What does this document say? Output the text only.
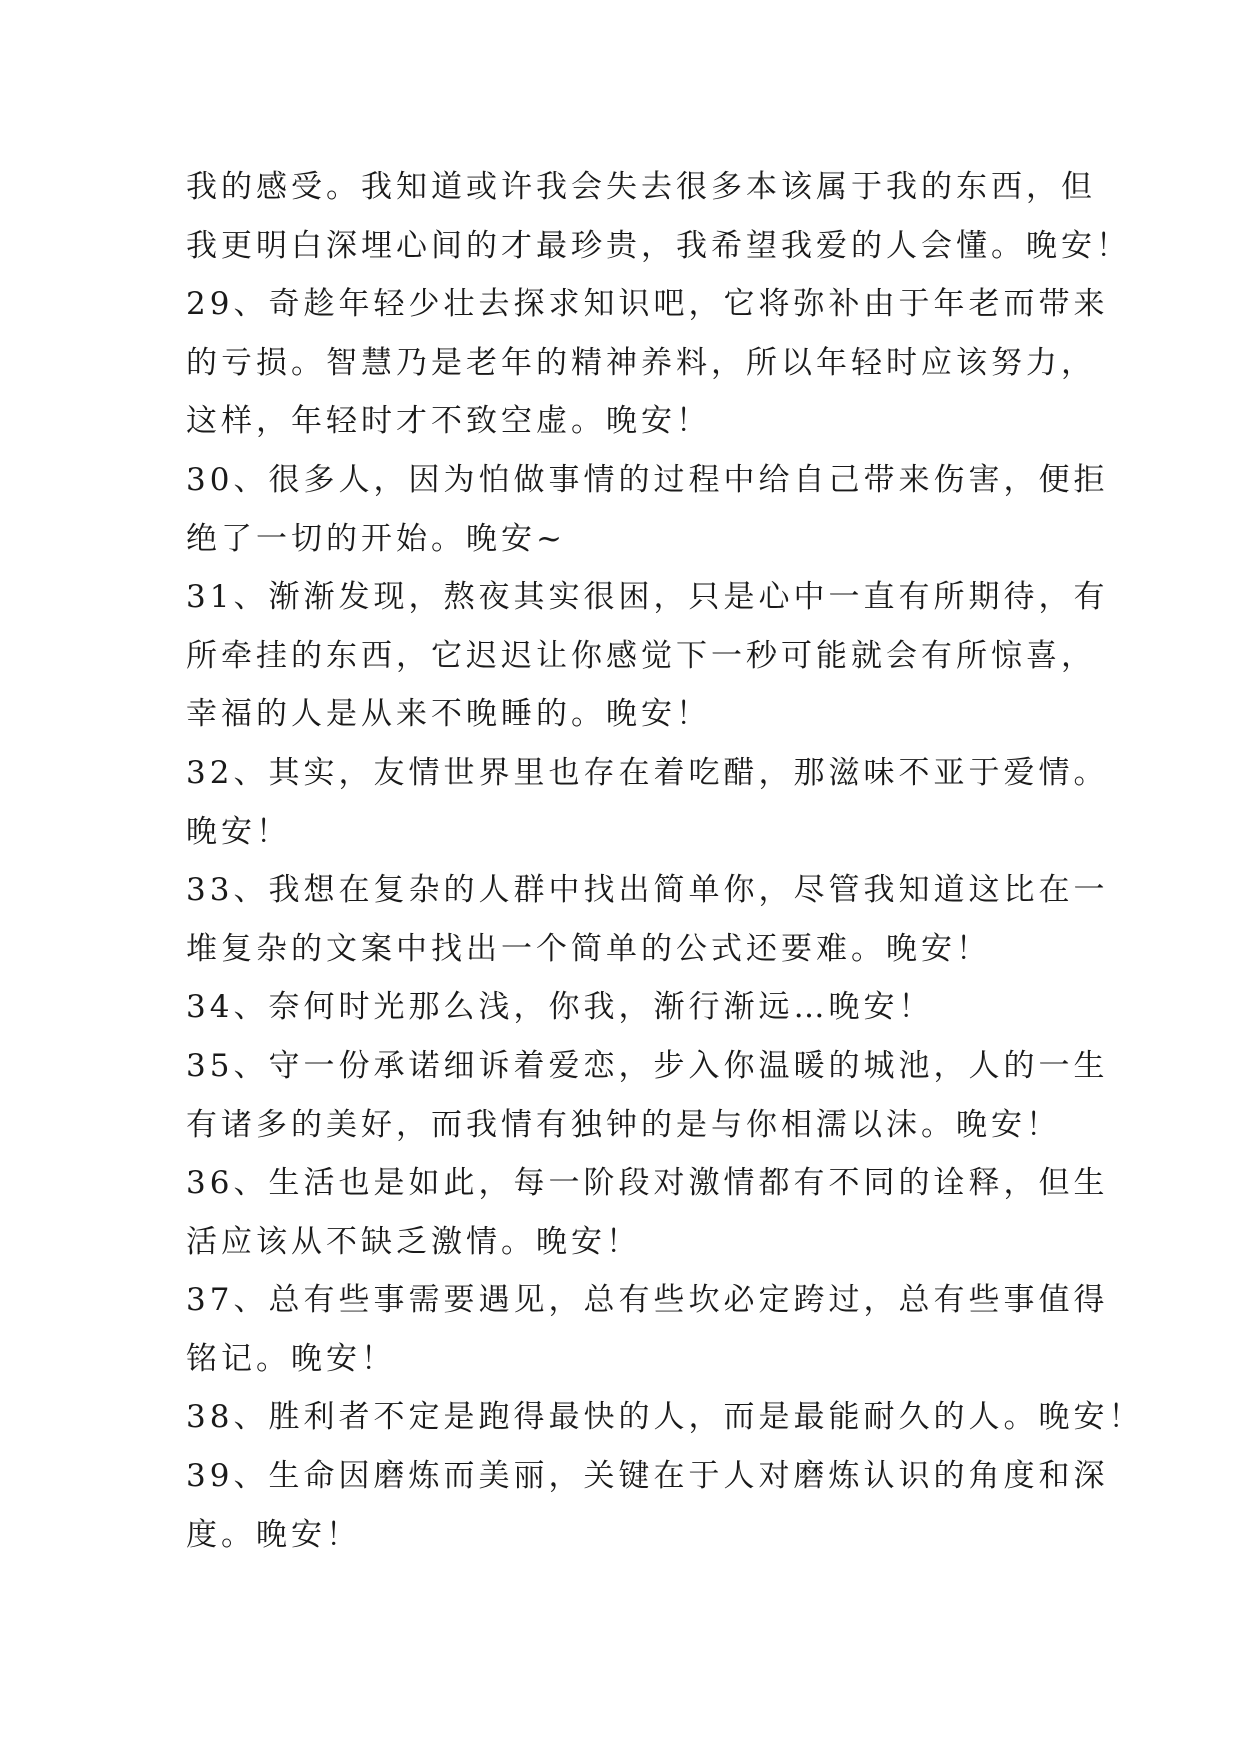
我的感受。我知道或许我会失去很多本该属于我的东西，但
我更明白深埋心间的才最珍贵，我希望我爱的人会懂。晚安！
29、奇趁年轻少壮去探求知识吧，它将弥补由于年老而带来
的亏损。智慧乃是老年的精神养料，所以年轻时应该努力，
这样，年轻时才不致空虚。晚安！
30、很多人，因为怕做事情的过程中给自己带来伤害，便拒
绝了一切的开始。晚安~
31、渐渐发现，熬夜其实很困，只是心中一直有所期待，有
所牵挂的东西，它迟迟让你感觉下一秒可能就会有所惊喜，
幸福的人是从来不晚睡的。晚安！
32、其实，友情世界里也存在着吃醋，那滋味不亚于爱情。
晚安！
33、我想在复杂的人群中找出简单你，尽管我知道这比在一
堆复杂的文案中找出一个简单的公式还要难。晚安！
34、奈何时光那么浅，你我，渐行渐远…晚安！
35、守一份承诺细诉着爱恋，步入你温暖的城池，人的一生
有诸多的美好，而我情有独钟的是与你相濡以沫。晚安！
36、生活也是如此，每一阶段对激情都有不同的诠释，但生
活应该从不缺乏激情。晚安！
37、总有些事需要遇见，总有些坎必定跨过，总有些事值得
铭记。晚安！
38、胜利者不定是跑得最快的人，而是最能耐久的人。晚安！
39、生命因磨炼而美丽，关键在于人对磨炼认识的角度和深
度。晚安！
